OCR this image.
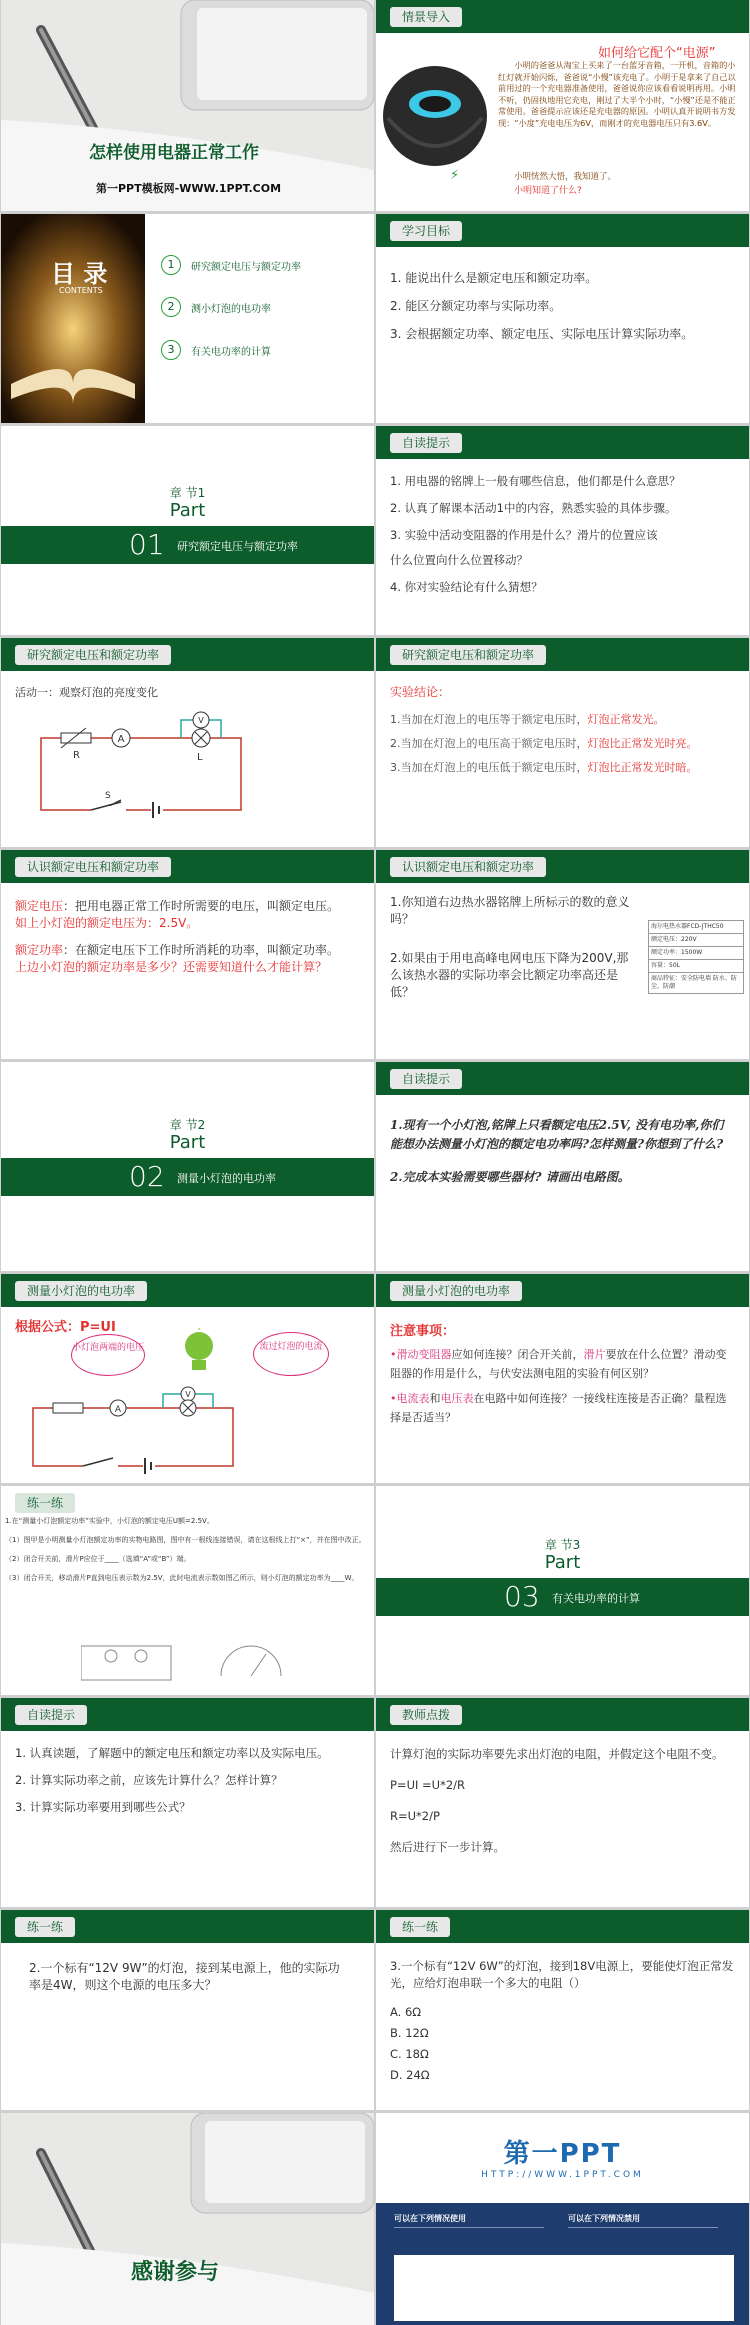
怎样使用电器正常工作
第一PPT模板网-WWW.1PPT.COM
情景导入
⚡
如何给它配个“电源”
小明的爸爸从淘宝上买来了一台蓝牙音箱，一开机，音箱的小红灯就开始闪烁，爸爸说“小慢”该充电了。小明于是拿来了自己以前用过的一个充电器准备使用，爸爸说你应该看看说明再用。小明不听，仍固执地用它充电，刚过了大半个小时，“小慢”还是不能正常使用。爸爸提示应该还是充电器的原因。小明认真开说明书方发现：“小度”充电电压为6V，而刚才的充电器电压只有3.6V。
小明恍然大悟，我知道了。
小明知道了什么?
目 录
CONTENTS
1	研究额定电压与额定功率
2	测小灯泡的电功率
3	有关电功率的计算
学习目标

1. 能说出什么是额定电压和额定功率。

2. 能区分额定功率与实际功率。

3. 会根据额定功率、额定电压、实际电压计算实际功率。

章 节1
Part
01 研究额定电压与额定功率
自读提示

1. 用电器的铭牌上一般有哪些信息，他们都是什么意思？

2. 认真了解课本活动1中的内容，熟悉实验的具体步骤。

3. 实验中活动变阻器的作用是什么？滑片的位置应该

什么位置向什么位置移动？

4. 你对实验结论有什么猜想？

研究额定电压和额定功率
活动一：观察灯泡的亮度变化
A
V
R	L
S
研究额定电压和额定功率

实验结论：

1.当加在灯泡上的电压等于额定电压时，灯泡正常发光。

2.当加在灯泡上的电压高于额定电压时，灯泡比正常发光时亮。

3.当加在灯泡上的电压低于额定电压时，灯泡比正常发光时暗。

认识额定电压和额定功率

额定电压：把用电器正常工作时所需要的电压，叫额定电压。

如上小灯泡的额定电压为：2.5V。

额定功率：在额定电压下工作时所消耗的功率，叫额定功率。

上边小灯泡的额定功率是多少？还需要知道什么才能计算？

认识额定电压和额定功率
1.你知道右边热水器铭牌上所标示的数的意义吗？
2.如果由于用电高峰电网电压下降为200V,那么该热水器的实际功率会比额定功率高还是低？
海尔电热水器FCD-JTHC50
额定电压：220V
额定功率：1500W
容量：50L
商品特征：安全防电墙 防水、防尘、防潮
章 节2
Part
02 测量小灯泡的电功率
自读提示

1.现有一个小灯泡,铭牌上只看额定电压2.5V, 没有电功率,你们能想办法测量小灯泡的额定电功率吗?怎样测量?你想到了什么?

2.完成本实验需要哪些器材? 请画出电路图。

测量小灯泡的电功率
根据公式：P=UI
小灯泡两端的电压	流过灯泡的电流
A
V
测量小灯泡的电功率

注意事项：

•滑动变阻器应如何连接？闭合开关前，滑片要放在什么位置？滑动变阻器的作用是什么，与伏安法测电阻的实验有何区别？

•电流表和电压表在电路中如何连接？一接线柱连接是否正确？量程选择是否适当？

练一练

1.在“测量小灯泡额定功率”实验中，小灯泡的额定电压U额=2.5V。

（1）图甲是小明测量小灯泡额定功率的实物电路图，图中有一根线连接错误，请在这根线上打“×”，并在图中改正。

（2）闭合开关前，滑片P应位于____（选填“A”或“B”）端。

（3）闭合开关，移动滑片P直到电压表示数为2.5V，此时电流表示数如图乙所示，则小灯泡的额定功率为____W。

章 节3
Part
03 有关电功率的计算
自读提示

1. 认真读题，了解题中的额定电压和额定功率以及实际电压。

2. 计算实际功率之前，应该先计算什么？怎样计算？

3. 计算实际功率要用到哪些公式？

教师点拨

计算灯泡的实际功率要先求出灯泡的电阻，并假定这个电阻不变。

P=UI =U*2/R

R=U*2/P

然后进行下一步计算。

练一练
2.一个标有“12V 9W”的灯泡，接到某电源上，他的实际功率是4W，则这个电源的电压多大？
练一练

3.一个标有“12V 6W”的灯泡，接到18V电源上，要能使灯泡正常发光，应给灯泡串联一个多大的电阻（）

A. 6Ω
B. 12Ω
C. 18Ω
D. 24Ω
感谢参与
第一PPT
HTTP://WWW.1PPT.COM
可以在下列情况使用	可以在下列情况禁用
